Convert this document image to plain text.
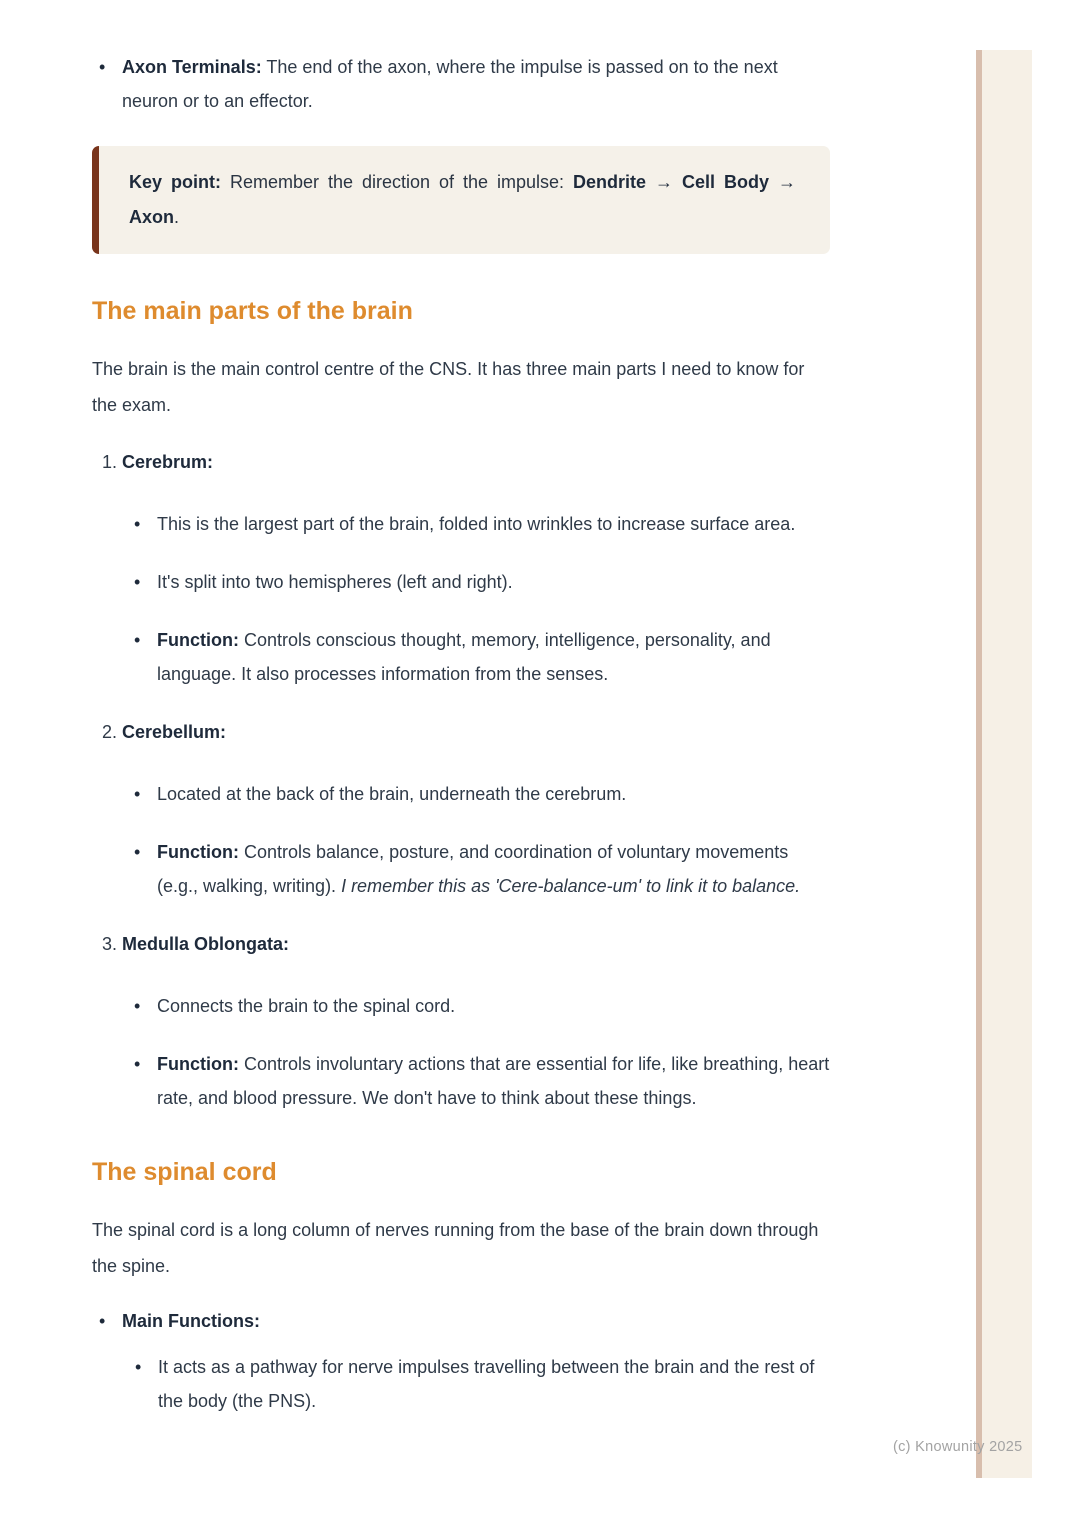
• Axon Terminals: The end of the axon, where the impulse is passed on to the next neuron or to an effector.

Key point: Remember the direction of the impulse: Dendrite → Cell Body → Axon.

The main parts of the brain

The brain is the main control centre of the CNS. It has three main parts I need to know for the exam.

1. Cerebrum:
• This is the largest part of the brain, folded into wrinkles to increase surface area.
• It's split into two hemispheres (left and right).
• Function: Controls conscious thought, memory, intelligence, personality, and language. It also processes information from the senses.
2. Cerebellum:
• Located at the back of the brain, underneath the cerebrum.
• Function: Controls balance, posture, and coordination of voluntary movements (e.g., walking, writing). I remember this as 'Cere-balance-um' to link it to balance.
3. Medulla Oblongata:
• Connects the brain to the spinal cord.
• Function: Controls involuntary actions that are essential for life, like breathing, heart rate, and blood pressure. We don't have to think about these things.
The spinal cord

The spinal cord is a long column of nerves running from the base of the brain down through the spine.

• Main Functions:
• It acts as a pathway for nerve impulses travelling between the brain and the rest of the body (the PNS).
(c) Knowunity 2025
